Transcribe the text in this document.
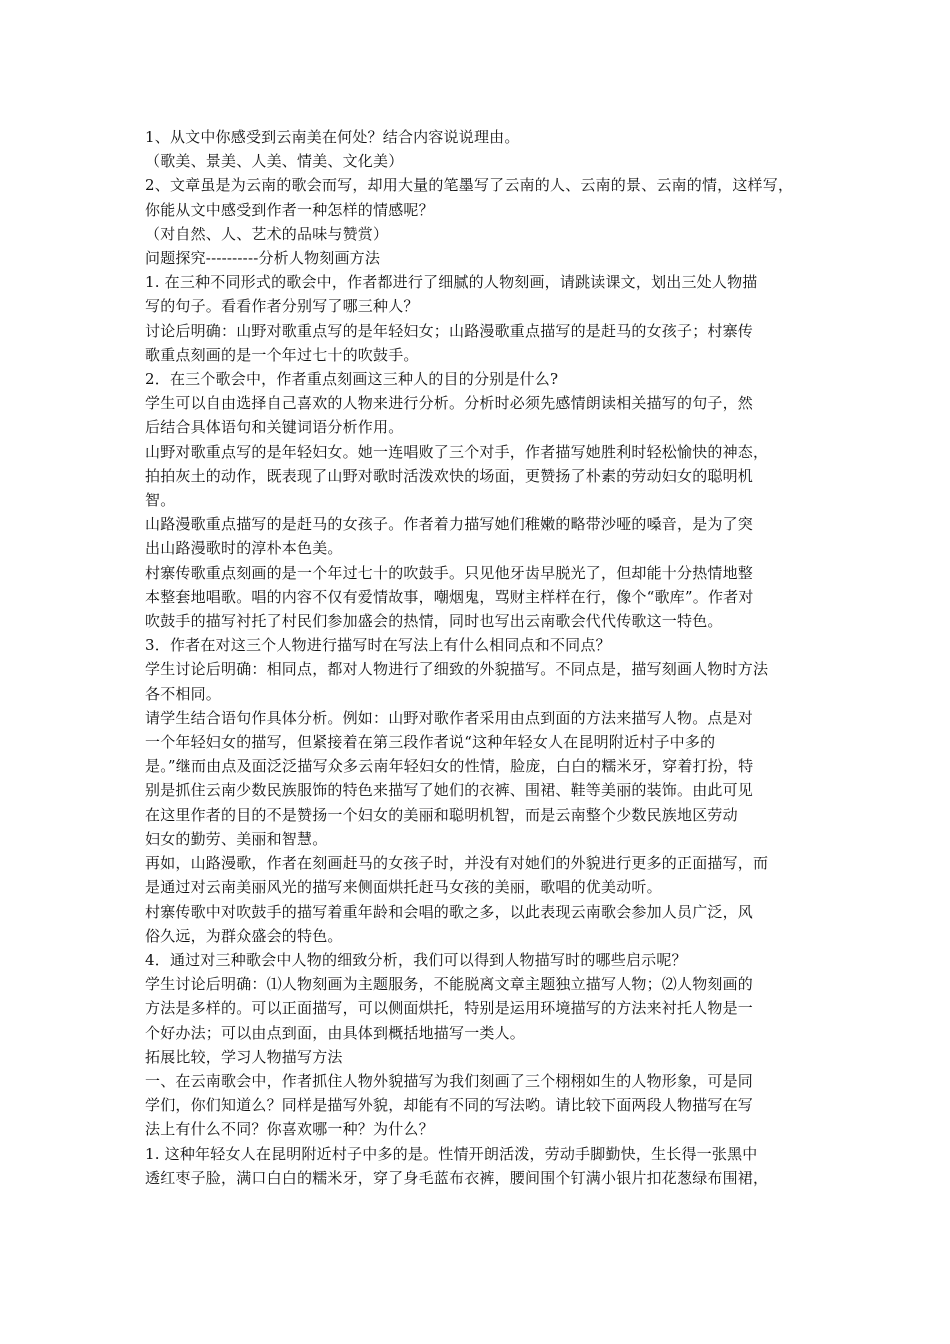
1、从文中你感受到云南美在何处？结合内容说说理由。
（歌美、景美、人美、情美、文化美）
2、文章虽是为云南的歌会而写，却用大量的笔墨写了云南的人、云南的景、云南的情，这样写，
你能从文中感受到作者一种怎样的情感呢？
（对自然、人、艺术的品味与赞赏）
问题探究----------分析人物刻画方法
1. 在三种不同形式的歌会中，作者都进行了细腻的人物刻画，请跳读课文，划出三处人物描
写的句子。看看作者分别写了哪三种人？
讨论后明确：山野对歌重点写的是年轻妇女；山路漫歌重点描写的是赶马的女孩子；村寨传
歌重点刻画的是一个年过七十的吹鼓手。
2．在三个歌会中，作者重点刻画这三种人的目的分别是什么?
学生可以自由选择自己喜欢的人物来进行分析。分析时必须先感情朗读相关描写的句子，然
后结合具体语句和关键词语分析作用。
山野对歌重点写的是年轻妇女。她一连唱败了三个对手，作者描写她胜利时轻松愉快的神态，
拍拍灰土的动作，既表现了山野对歌时活泼欢快的场面，更赞扬了朴素的劳动妇女的聪明机
智。
山路漫歌重点描写的是赶马的女孩子。作者着力描写她们稚嫩的略带沙哑的嗓音，是为了突
出山路漫歌时的淳朴本色美。
村寨传歌重点刻画的是一个年过七十的吹鼓手。只见他牙齿早脱光了，但却能十分热情地整
本整套地唱歌。唱的内容不仅有爱情故事，嘲烟鬼，骂财主样样在行，像个“歌库”。作者对
吹鼓手的描写衬托了村民们参加盛会的热情，同时也写出云南歌会代代传歌这一特色。
3．作者在对这三个人物进行描写时在写法上有什么相同点和不同点？
学生讨论后明确：相同点，都对人物进行了细致的外貌描写。不同点是，描写刻画人物时方法
各不相同。
请学生结合语句作具体分析。例如：山野对歌作者采用由点到面的方法来描写人物。点是对
一个年轻妇女的描写，但紧接着在第三段作者说“这种年轻女人在昆明附近村子中多的
是。”继而由点及面泛泛描写众多云南年轻妇女的性情，脸庞，白白的糯米牙，穿着打扮，特
别是抓住云南少数民族服饰的特色来描写了她们的衣裤、围裙、鞋等美丽的装饰。由此可见
在这里作者的目的不是赞扬一个妇女的美丽和聪明机智，而是云南整个少数民族地区劳动
妇女的勤劳、美丽和智慧。
再如，山路漫歌，作者在刻画赶马的女孩子时，并没有对她们的外貌进行更多的正面描写，而
是通过对云南美丽风光的描写来侧面烘托赶马女孩的美丽，歌唱的优美动听。
村寨传歌中对吹鼓手的描写着重年龄和会唱的歌之多，以此表现云南歌会参加人员广泛，风
俗久远，为群众盛会的特色。
4．通过对三种歌会中人物的细致分析，我们可以得到人物描写时的哪些启示呢？
学生讨论后明确：⑴人物刻画为主题服务，不能脱离文章主题独立描写人物；⑵人物刻画的
方法是多样的。可以正面描写，可以侧面烘托，特别是运用环境描写的方法来衬托人物是一
个好办法；可以由点到面，由具体到概括地描写一类人。
拓展比较，学习人物描写方法
一、在云南歌会中，作者抓住人物外貌描写为我们刻画了三个栩栩如生的人物形象，可是同
学们，你们知道么？同样是描写外貌，却能有不同的写法哟。请比较下面两段人物描写在写
法上有什么不同？你喜欢哪一种？为什么？
1. 这种年轻女人在昆明附近村子中多的是。性情开朗活泼，劳动手脚勤快，生长得一张黑中
透红枣子脸，满口白白的糯米牙，穿了身毛蓝布衣裤，腰间围个钉满小银片扣花葱绿布围裙，
